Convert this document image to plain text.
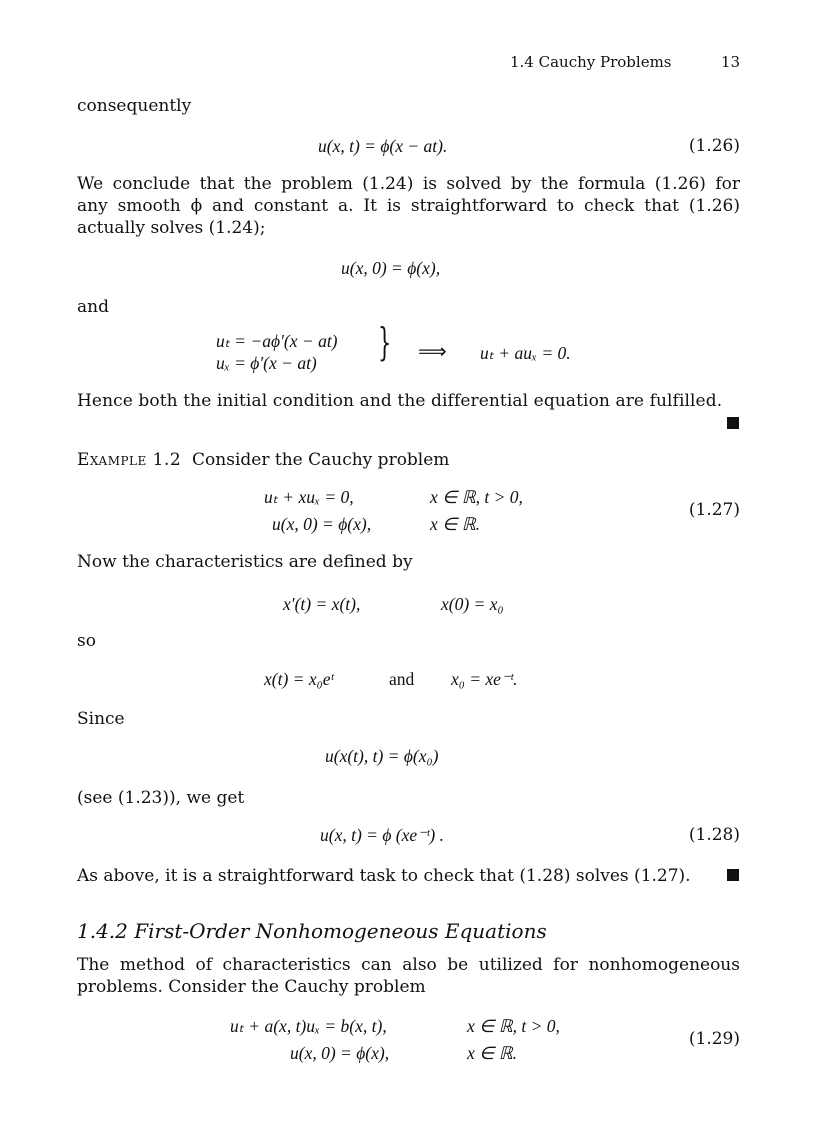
1.4 Cauchy Problems	13
consequently
u(x, t) = ϕ(x − at).	(1.26)
We conclude that the problem (1.24) is solved by the formula (1.26) for
any smooth ϕ and constant a. It is straightforward to check that (1.26)
actually solves (1.24);
u(x, 0) = ϕ(x),
and
uₜ = −aϕ′(x − at)
uₓ = ϕ′(x − at) } ⟹ uₜ + auₓ = 0.
Hence both the initial condition and the differential equation are fulfilled.
Example 1.2 Consider the Cauchy problem
uₜ + xuₓ = 0,	x ∈ ℝ, t > 0,
u(x, 0) = ϕ(x),	x ∈ ℝ.
(1.27)
Now the characteristics are defined by
x′(t) = x(t),	x(0) = x₀
so
x(t) = x₀eᵗ	and x₀ = xe⁻ᵗ.
Since
u(x(t), t) = ϕ(x₀)
(see (1.23)), we get
u(x, t) = ϕ (xe⁻ᵗ) .	(1.28)
As above, it is a straightforward task to check that (1.28) solves (1.27).
1.4.2 First-Order Nonhomogeneous Equations
The method of characteristics can also be utilized for nonhomogeneous
problems. Consider the Cauchy problem
uₜ + a(x, t)uₓ = b(x, t),	x ∈ ℝ, t > 0,
u(x, 0) = ϕ(x),	x ∈ ℝ.
(1.29)
